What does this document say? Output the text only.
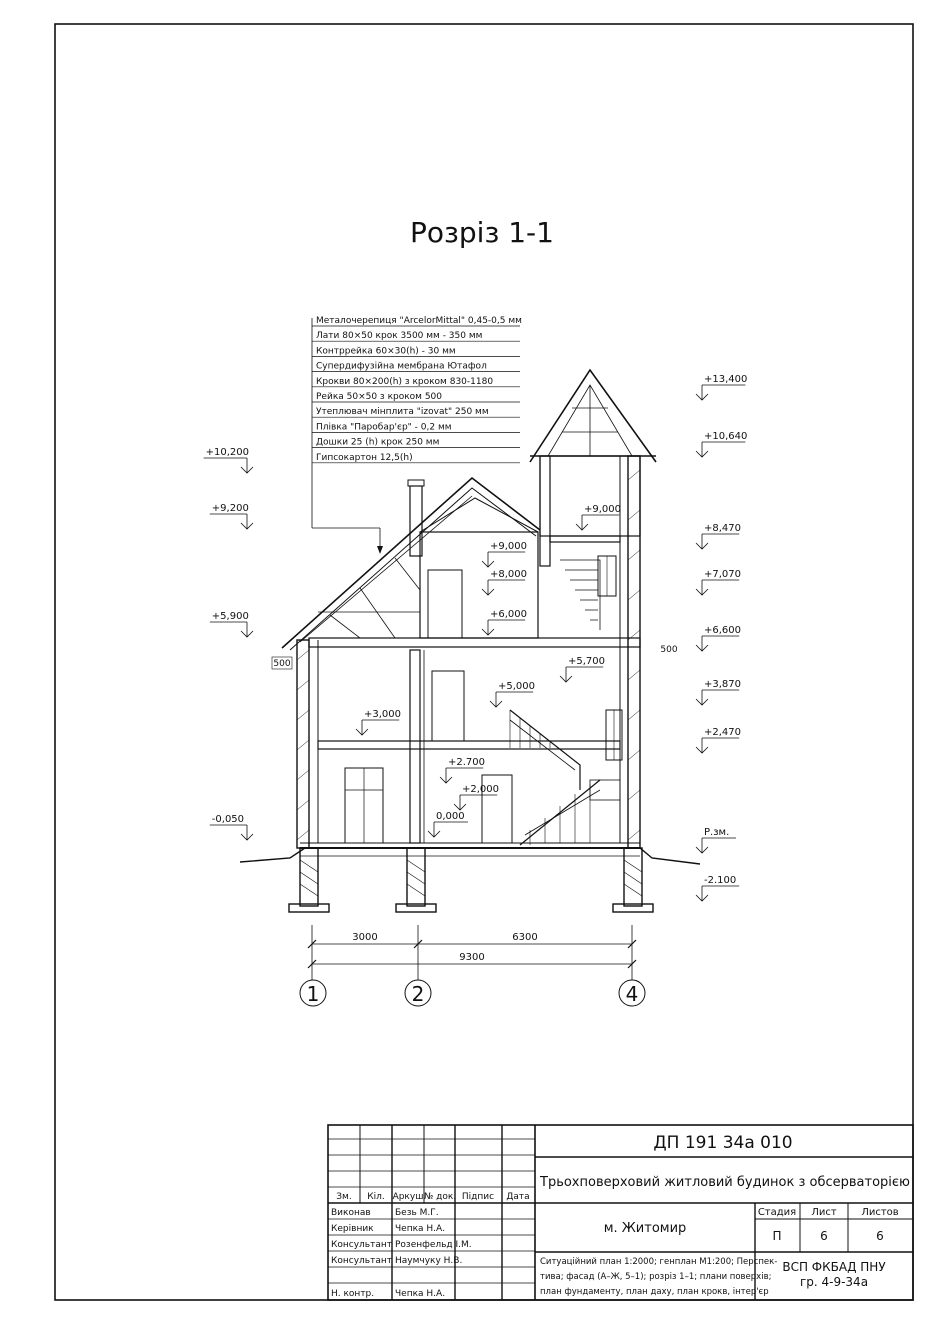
Розріз 1-1
Металочерепиця "ArcelorMittal" 0,45-0,5 мм
Лати 80×50 крок 3500 мм - 350 мм
Контррейка 60×30(h) - 30 мм
Супердифузійна мембрана Ютафол
Крокви 80×200(h) з кроком 830-1180
Рейка 50×50 з кроком 500
Утеплювач мінплита "izovat" 250 мм
Плівка "Паробар'єр" - 0,2 мм
Дошки 25 (h) крок 250 мм
Гипсокартон 12,5(h)
+10,200
+9,200
+5,900
-0,050
+13,400
+10,640
+8,470
+7,070
+6,600
+3,870
+2,470
Р.зм.
-2.100
+9,000
+9,000
+8,000
+6,000
+5,700
+5,000
+3,000
+2.700
+2,000
0,000
500
500
3000	6300
9300
1	2	4
ДП 191 34а 010
Трьохповерховий житловий будинок з обсерваторією
м. Житомир
Зм. Кіл. Аркуш № док. Підпис Дата
Стадия Лист Листов
П	6	6
Ситуаційний план 1:2000; генплан М1:200; Перспек-
тива; фасад (А–Ж, 5–1); розріз 1–1; плани поверхів;
план фундаменту, план даху, план крокв, інтер'єр
ВСП ФКБАД ПНУ
гр. 4-9-34а
Виконав	Безь М.Г.
Керівник Чепка Н.А.
Консультант Розенфельд І.М.
Консультант Наумчуку Н.В.
Н. контр. Чепка Н.А.
